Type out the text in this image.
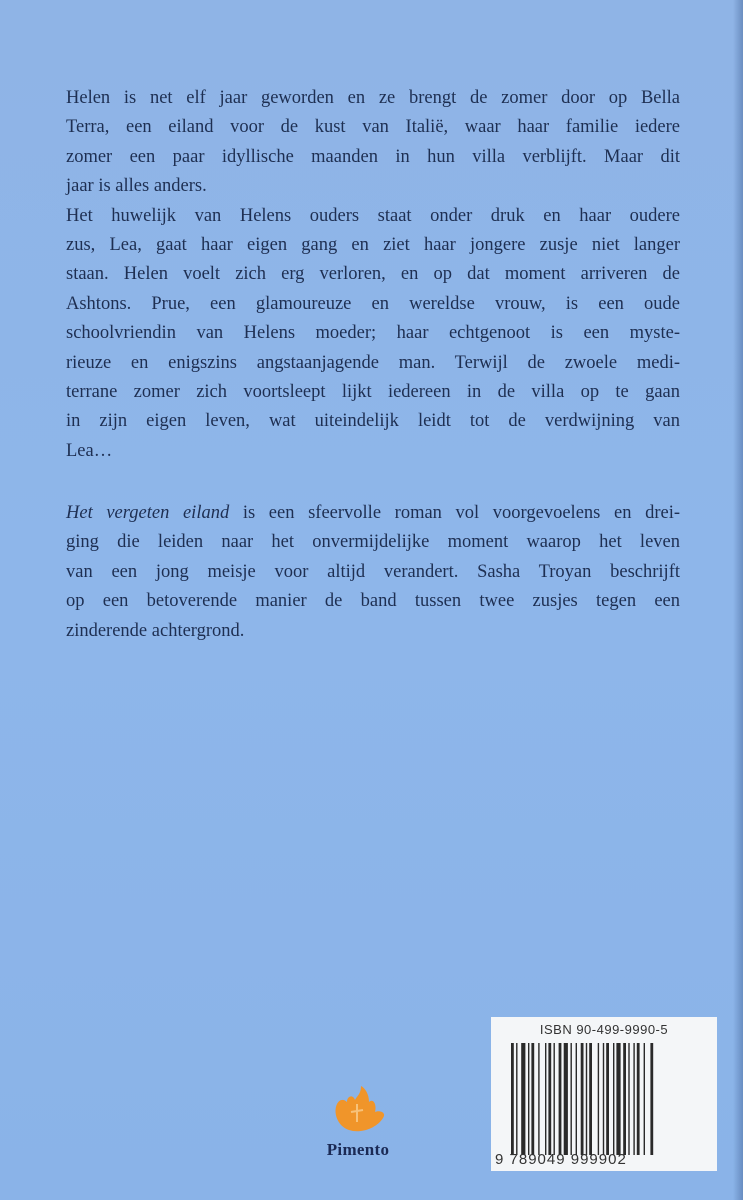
Helen is net elf jaar geworden en ze brengt de zomer door op Bella
Terra, een eiland voor de kust van Italië, waar haar familie iedere
zomer een paar idyllische maanden in hun villa verblijft. Maar dit
jaar is alles anders.
Het huwelijk van Helens ouders staat onder druk en haar oudere
zus, Lea, gaat haar eigen gang en ziet haar jongere zusje niet langer
staan. Helen voelt zich erg verloren, en op dat moment arriveren de
Ashtons. Prue, een glamoureuze en wereldse vrouw, is een oude
schoolvriendin van Helens moeder; haar echtgenoot is een myste-
rieuze en enigszins angstaanjagende man. Terwijl de zwoele medi-
terrane zomer zich voortsleept lijkt iedereen in de villa op te gaan
in zijn eigen leven, wat uiteindelijk leidt tot de verdwijning van
Lea…
Het vergeten eiland is een sfeervolle roman vol voorgevoelens en drei-
ging die leiden naar het onvermijdelijke moment waarop het leven
van een jong meisje voor altijd verandert. Sasha Troyan beschrijft
op een betoverende manier de band tussen twee zusjes tegen een
zinderende achtergrond.
Pimento
ISBN 90-499-9990-5
9 789049 999902
